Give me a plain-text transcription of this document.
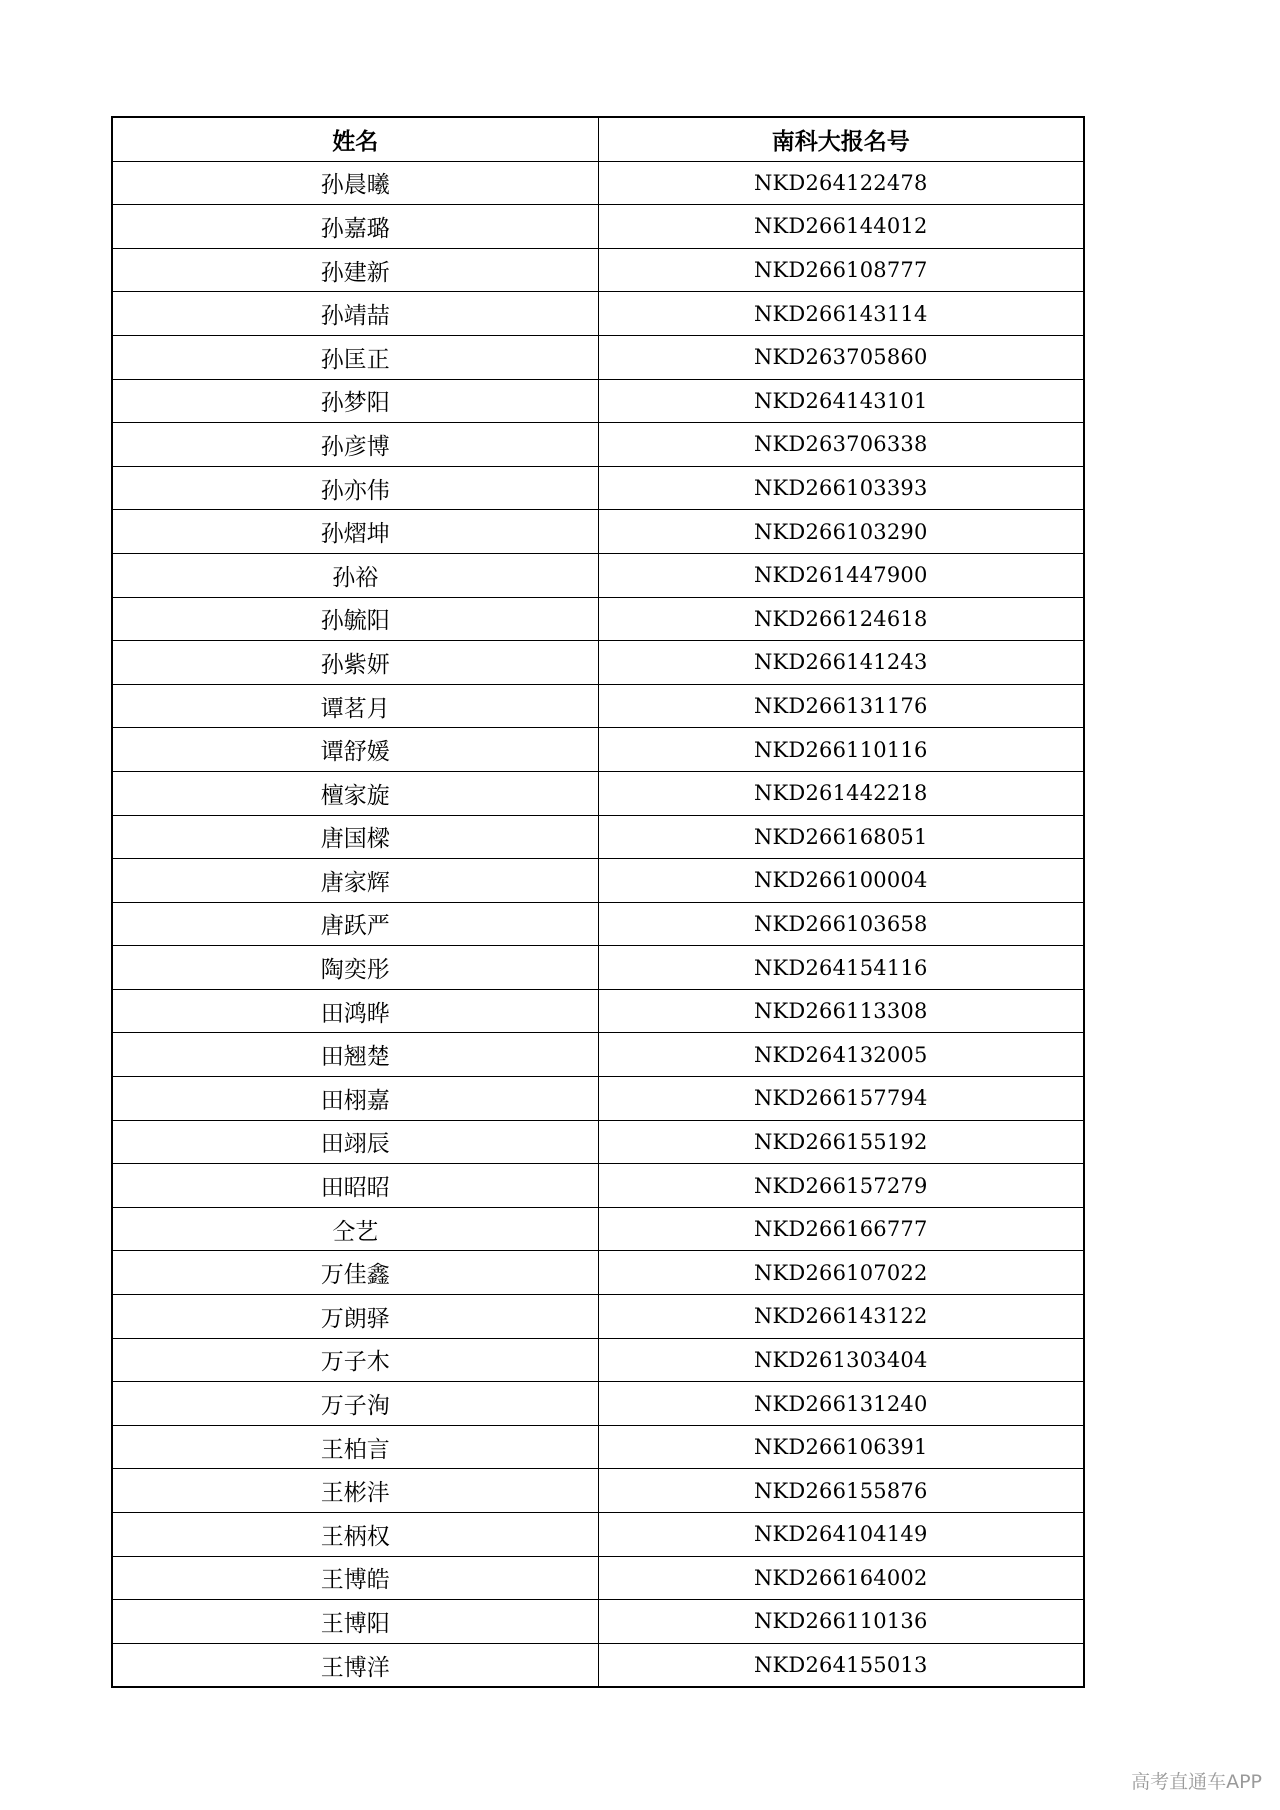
姓名	南科大报名号
孙晨曦	NKD264122478
孙嘉璐	NKD266144012
孙建新	NKD266108777
孙靖喆	NKD266143114
孙匡正	NKD263705860
孙梦阳	NKD264143101
孙彦博	NKD263706338
孙亦伟	NKD266103393
孙熠坤	NKD266103290
孙裕	NKD261447900
孙毓阳	NKD266124618
孙紫妍	NKD266141243
谭茗月	NKD266131176
谭舒媛	NKD266110116
檀家旋	NKD261442218
唐国樑	NKD266168051
唐家辉	NKD266100004
唐跃严	NKD266103658
陶奕彤	NKD264154116
田鸿晔	NKD266113308
田翘楚	NKD264132005
田栩嘉	NKD266157794
田翊辰	NKD266155192
田昭昭	NKD266157279
仝艺	NKD266166777
万佳鑫	NKD266107022
万朗驿	NKD266143122
万子木	NKD261303404
万子洵	NKD266131240
王柏言	NKD266106391
王彬沣	NKD266155876
王柄权	NKD264104149
王博皓	NKD266164002
王博阳	NKD266110136
王博洋	NKD264155013
高考直通车APP
